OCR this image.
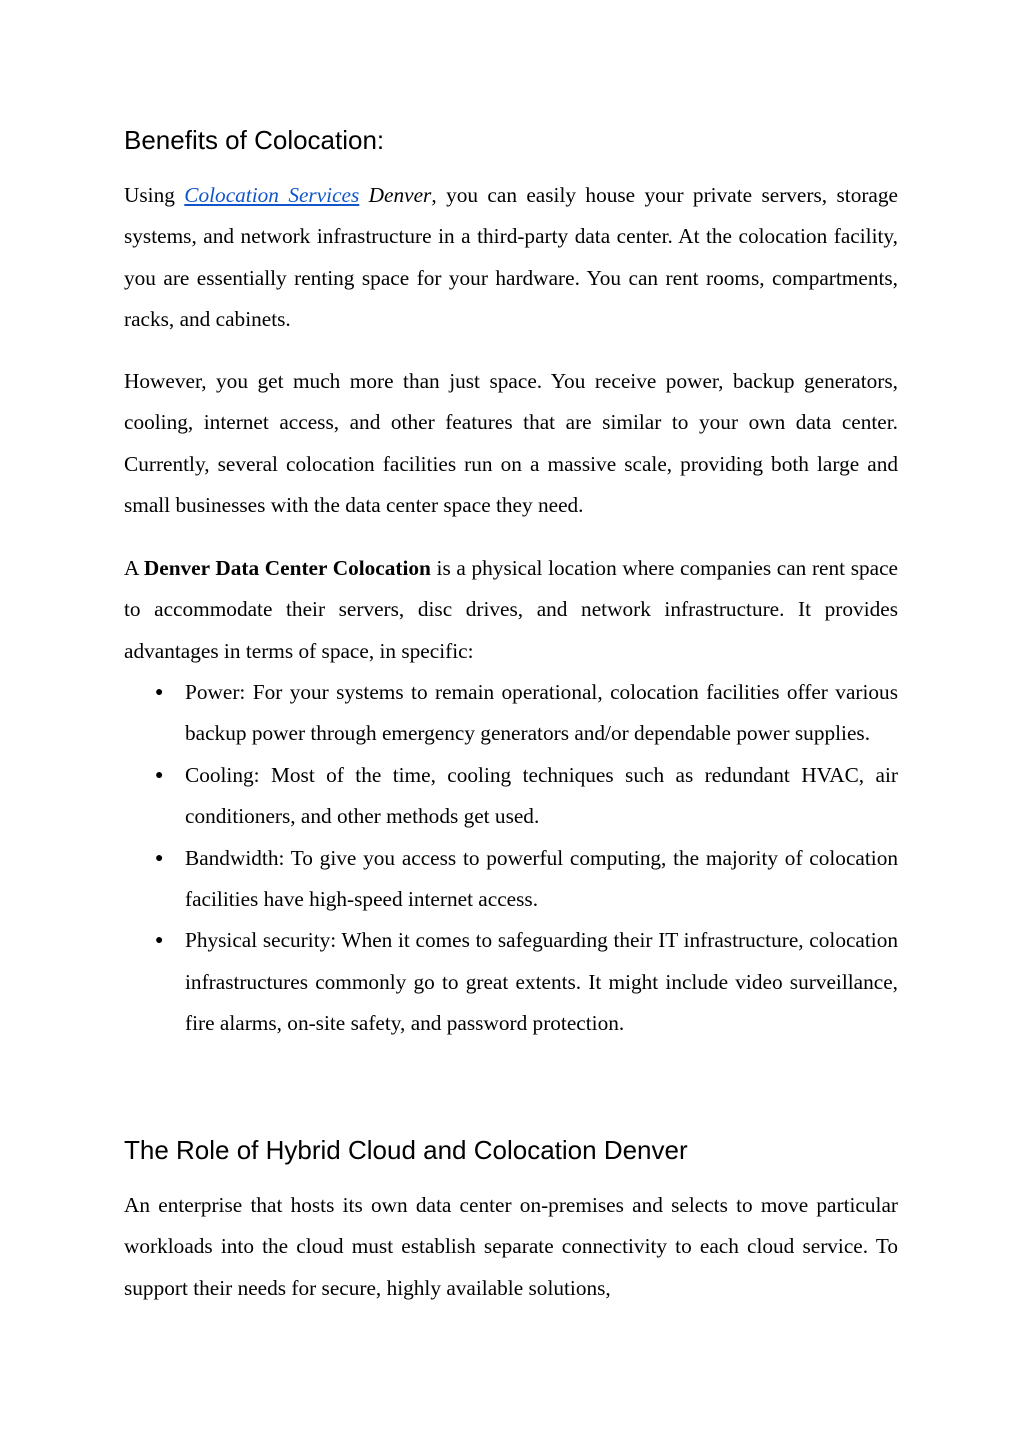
Benefits of Colocation:

Using Colocation Services Denver, you can easily house your private servers, storage systems, and network infrastructure in a third-party data center. At the colocation facility, you are essentially renting space for your hardware. You can rent rooms, compartments, racks, and cabinets.

However, you get much more than just space. You receive power, backup generators, cooling, internet access, and other features that are similar to your own data center. Currently, several colocation facilities run on a massive scale, providing both large and small businesses with the data center space they need.

A Denver Data Center Colocation is a physical location where companies can rent space to accommodate their servers, disc drives, and network infrastructure. It provides advantages in terms of space, in specific:

● Power: For your systems to remain operational, colocation facilities offer various backup power through emergency generators and/or dependable power supplies.
● Cooling: Most of the time, cooling techniques such as redundant HVAC, air conditioners, and other methods get used.
● Bandwidth: To give you access to powerful computing, the majority of colocation facilities have high-speed internet access.
● Physical security: When it comes to safeguarding their IT infrastructure, colocation infrastructures commonly go to great extents. It might include video surveillance, fire alarms, on-site safety, and password protection.
The Role of Hybrid Cloud and Colocation Denver

An enterprise that hosts its own data center on-premises and selects to move particular workloads into the cloud must establish separate connectivity to each cloud service. To support their needs for secure, highly available solutions,
